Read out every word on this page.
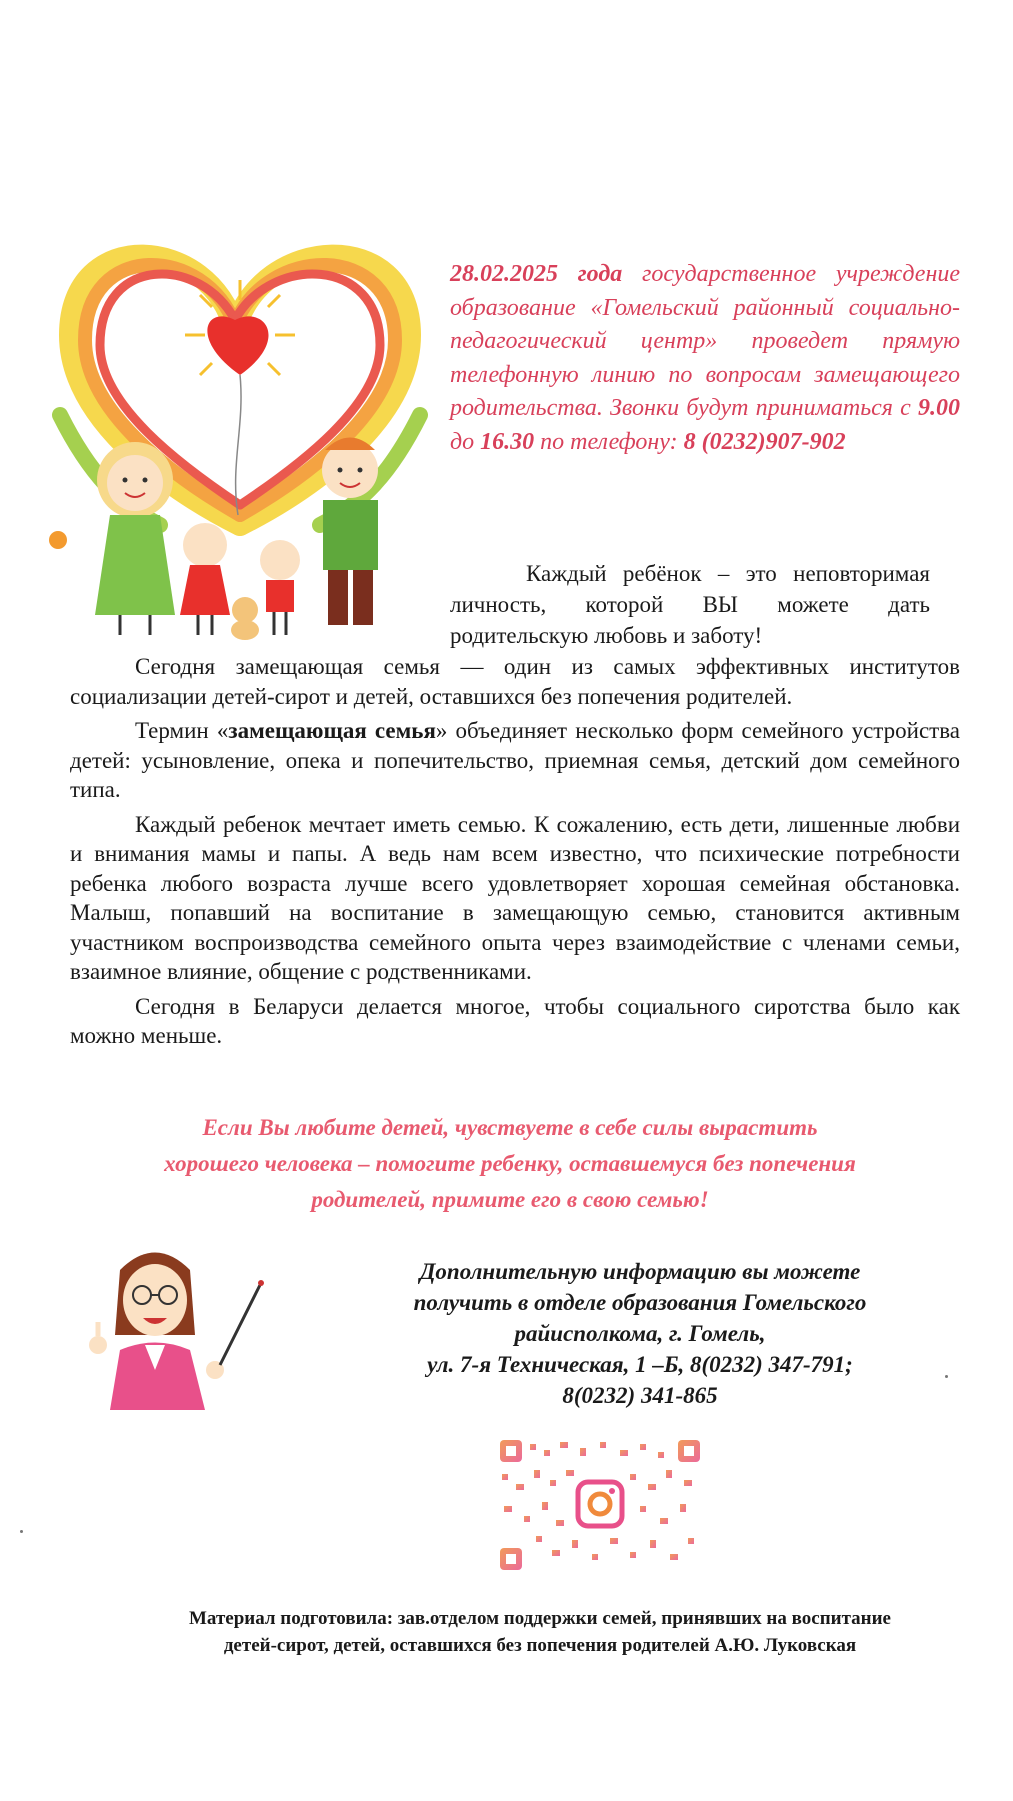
28.02.2025 года государственное учреждение образование «Гомельский районный социально-педагогический центр» проведет прямую телефонную линию по вопросам замещающего родительства. Звонки будут приниматься с 9.00 до 16.30 по телефону: 8 (0232)907-902
Каждый ребёнок – это неповторимая личность, которой ВЫ можете дать родительскую любовь и заботу!

Сегодня замещающая семья — один из самых эффективных институтов социализации детей-сирот и детей, оставшихся без попечения родителей.

Термин «замещающая семья» объединяет несколько форм семейного устройства детей: усыновление, опека и попечительство, приемная семья, детский дом семейного типа.

Каждый ребенок мечтает иметь семью. К сожалению, есть дети, лишенные любви и внимания мамы и папы. А ведь нам всем известно, что психические потребности ребенка любого возраста лучше всего удовлетворяет хорошая семейная обстановка. Малыш, попавший на воспитание в замещающую семью, становится активным участником воспроизводства семейного опыта через взаимодействие с членами семьи, взаимное влияние, общение с родственниками.

Сегодня в Беларуси делается многое, чтобы социального сиротства было как можно меньше.

Если Вы любите детей, чувствуете в себе силы вырастить
хорошего человека – помогите ребенку, оставшемуся без попечения
родителей, примите его в свою семью!
Дополнительную информацию вы можете
получить в отделе образования Гомельского
райисполкома, г. Гомель,
ул. 7-я Техническая, 1 –Б, 8(0232) 347-791;
8(0232) 341-865
Материал подготовила: зав.отделом поддержки семей, принявших на воспитание
детей-сирот, детей, оставшихся без попечения родителей А.Ю. Луковская
